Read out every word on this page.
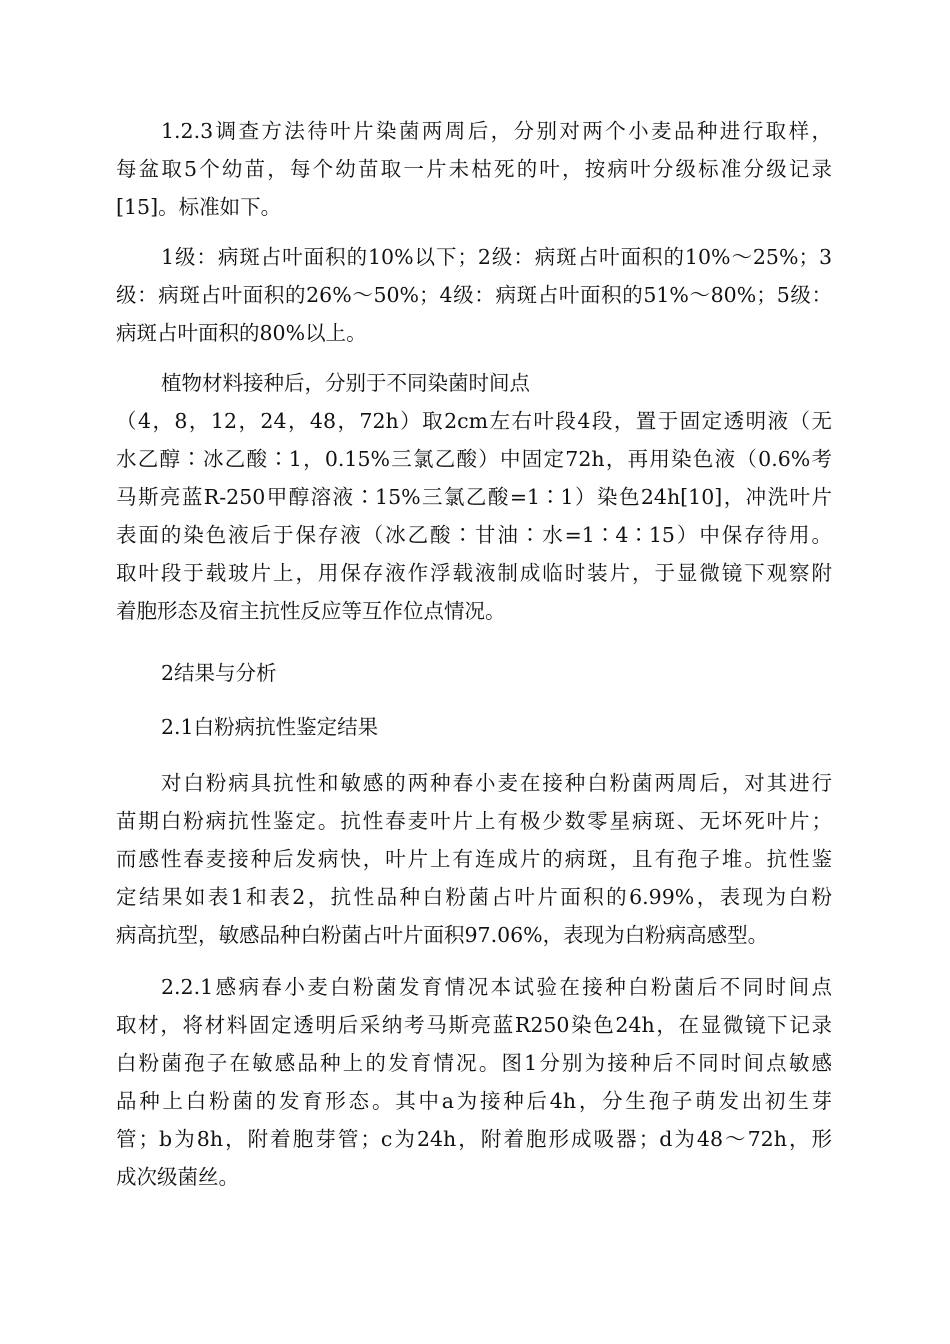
1.2.3调查方法待叶片染菌两周后，分别对两个小麦品种进行取样，
每盆取5个幼苗，每个幼苗取一片未枯死的叶，按病叶分级标准分级记录
[15]。标准如下。
1级：病斑占叶面积的10%以下；2级：病斑占叶面积的10%～25%；3
级：病斑占叶面积的26%～50%；4级：病斑占叶面积的51%～80%；5级：
病斑占叶面积的80%以上。
植物材料接种后，分别于不同染菌时间点
（4，8，12，24，48，72h）取2cm左右叶段4段，置于固定透明液（无
水乙醇∶冰乙酸∶1，0.15%三氯乙酸）中固定72h，再用染色液（0.6%考
马斯亮蓝R-250甲醇溶液∶15%三氯乙酸=1∶1）染色24h[10]，冲洗叶片
表面的染色液后于保存液（冰乙酸∶甘油∶水=1∶4∶15）中保存待用。
取叶段于载玻片上，用保存液作浮载液制成临时装片，于显微镜下观察附
着胞形态及宿主抗性反应等互作位点情况。
2结果与分析
2.1白粉病抗性鉴定结果
对白粉病具抗性和敏感的两种春小麦在接种白粉菌两周后，对其进行
苗期白粉病抗性鉴定。抗性春麦叶片上有极少数零星病斑、无坏死叶片；
而感性春麦接种后发病快，叶片上有连成片的病斑，且有孢子堆。抗性鉴
定结果如表1和表2，抗性品种白粉菌占叶片面积的6.99%，表现为白粉
病高抗型，敏感品种白粉菌占叶片面积97.06%，表现为白粉病高感型。
2.2.1感病春小麦白粉菌发育情况本试验在接种白粉菌后不同时间点
取材，将材料固定透明后采纳考马斯亮蓝R250染色24h，在显微镜下记录
白粉菌孢子在敏感品种上的发育情况。图1分别为接种后不同时间点敏感
品种上白粉菌的发育形态。其中a为接种后4h，分生孢子萌发出初生芽
管；b为8h，附着胞芽管；c为24h，附着胞形成吸器；d为48～72h，形
成次级菌丝。
